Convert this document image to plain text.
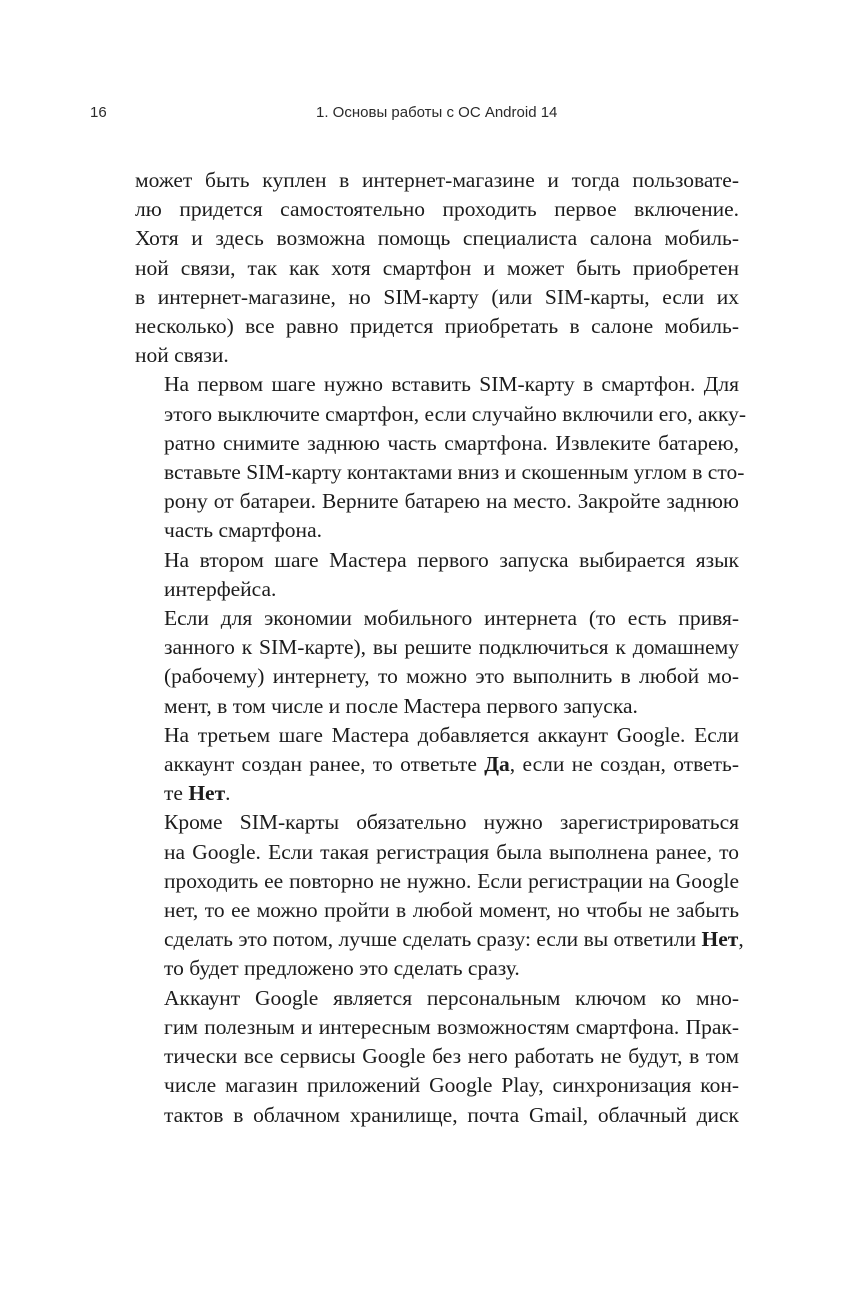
16	1. Основы работы с ОС Android 14

может быть куплен в интернет-магазине и тогда пользовате-
лю придется самостоятельно проходить первое включение.
Хотя и здесь возможна помощь специалиста салона мобиль-
ной связи, так как хотя смартфон и может быть приобретен
в интернет-магазине, но SIM-карту (или SIM-карты, если их
несколько) все равно придется приобретать в салоне мобиль-
ной связи.

На первом шаге нужно вставить SIM-карту в смартфон. Для
этого выключите смартфон, если случайно включили его, акку-
ратно снимите заднюю часть смартфона. Извлеките батарею,
вставьте SIM-карту контактами вниз и скошенным углом в сто-
рону от батареи. Верните батарею на место. Закройте заднюю
часть смартфона.

На втором шаге Мастера первого запуска выбирается язык
интерфейса.

Если для экономии мобильного интернета (то есть привя-
занного к SIM-карте), вы решите подключиться к домашнему
(рабочему) интернету, то можно это выполнить в любой мо-
мент, в том числе и после Мастера первого запуска.

На третьем шаге Мастера добавляется аккаунт Google. Если
аккаунт создан ранее, то ответьте Да, если не создан, ответь-
те Нет.

Кроме SIM-карты обязательно нужно зарегистрироваться
на Google. Если такая регистрация была выполнена ранее, то
проходить ее повторно не нужно. Если регистрации на Google
нет, то ее можно пройти в любой момент, но чтобы не забыть
сделать это потом, лучше сделать сразу: если вы ответили Нет,
то будет предложено это сделать сразу.

Аккаунт Google является персональным ключом ко мно-
гим полезным и интересным возможностям смартфона. Прак-
тически все сервисы Google без него работать не будут, в том
числе магазин приложений Google Play, синхронизация кон-
тактов в облачном хранилище, почта Gmail, облачный диск
